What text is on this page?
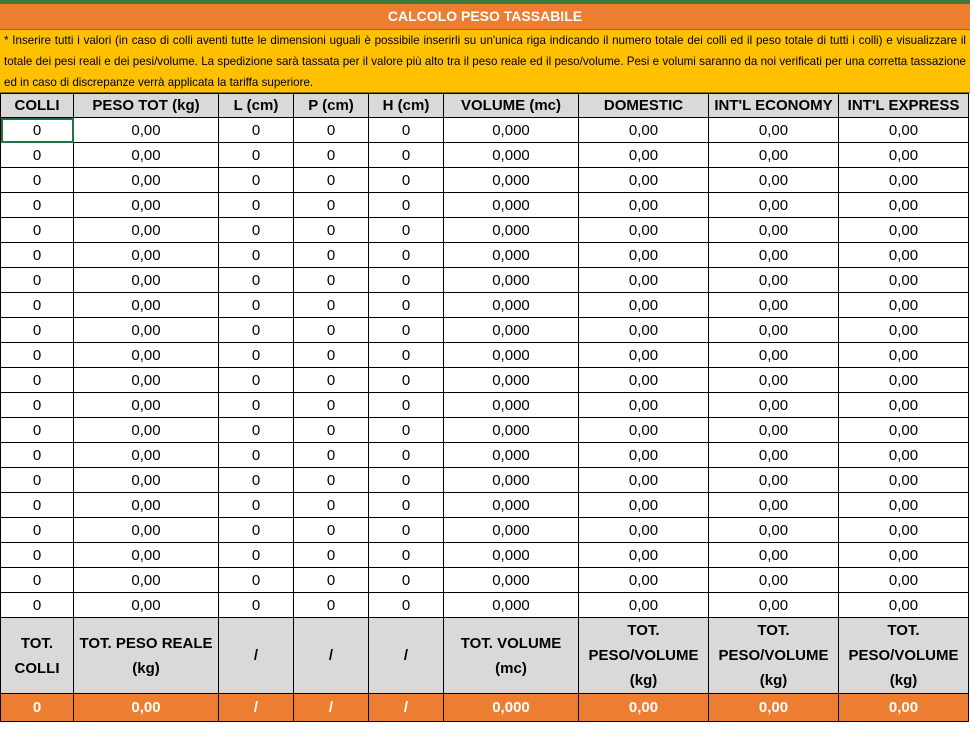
CALCOLO PESO TASSABILE
* Inserire tutti i valori (in caso di colli aventi tutte le dimensioni uguali è possibile inserirli su un'unica riga indicando il numero totale dei colli ed il peso totale di tutti i colli) e visualizzare il totale dei pesi reali e dei pesi/volume. La spedizione sarà tassata per il valore più alto tra il peso reale ed il peso/volume. Pesi e volumi saranno da noi verificati per una corretta tassazione ed in caso di discrepanze verrà applicata la tariffa superiore.
COLLI	PESO TOT (kg)	L (cm)	P (cm)	H (cm)	VOLUME (mc)	DOMESTIC	INT'L ECONOMY	INT'L EXPRESS
0	0,00	0	0	0	0,000	0,00	0,00	0,00
0	0,00	0	0	0	0,000	0,00	0,00	0,00
0	0,00	0	0	0	0,000	0,00	0,00	0,00
0	0,00	0	0	0	0,000	0,00	0,00	0,00
0	0,00	0	0	0	0,000	0,00	0,00	0,00
0	0,00	0	0	0	0,000	0,00	0,00	0,00
0	0,00	0	0	0	0,000	0,00	0,00	0,00
0	0,00	0	0	0	0,000	0,00	0,00	0,00
0	0,00	0	0	0	0,000	0,00	0,00	0,00
0	0,00	0	0	0	0,000	0,00	0,00	0,00
0	0,00	0	0	0	0,000	0,00	0,00	0,00
0	0,00	0	0	0	0,000	0,00	0,00	0,00
0	0,00	0	0	0	0,000	0,00	0,00	0,00
0	0,00	0	0	0	0,000	0,00	0,00	0,00
0	0,00	0	0	0	0,000	0,00	0,00	0,00
0	0,00	0	0	0	0,000	0,00	0,00	0,00
0	0,00	0	0	0	0,000	0,00	0,00	0,00
0	0,00	0	0	0	0,000	0,00	0,00	0,00
0	0,00	0	0	0	0,000	0,00	0,00	0,00
0	0,00	0	0	0	0,000	0,00	0,00	0,00
TOT. COLLI	TOT. PESO REALE (kg)	/	/	/	TOT. VOLUME (mc)	TOT. PESO/VOLUME (kg)	TOT. PESO/VOLUME (kg)	TOT. PESO/VOLUME (kg)
0	0,00	/	/	/	0,000	0,00	0,00	0,00
